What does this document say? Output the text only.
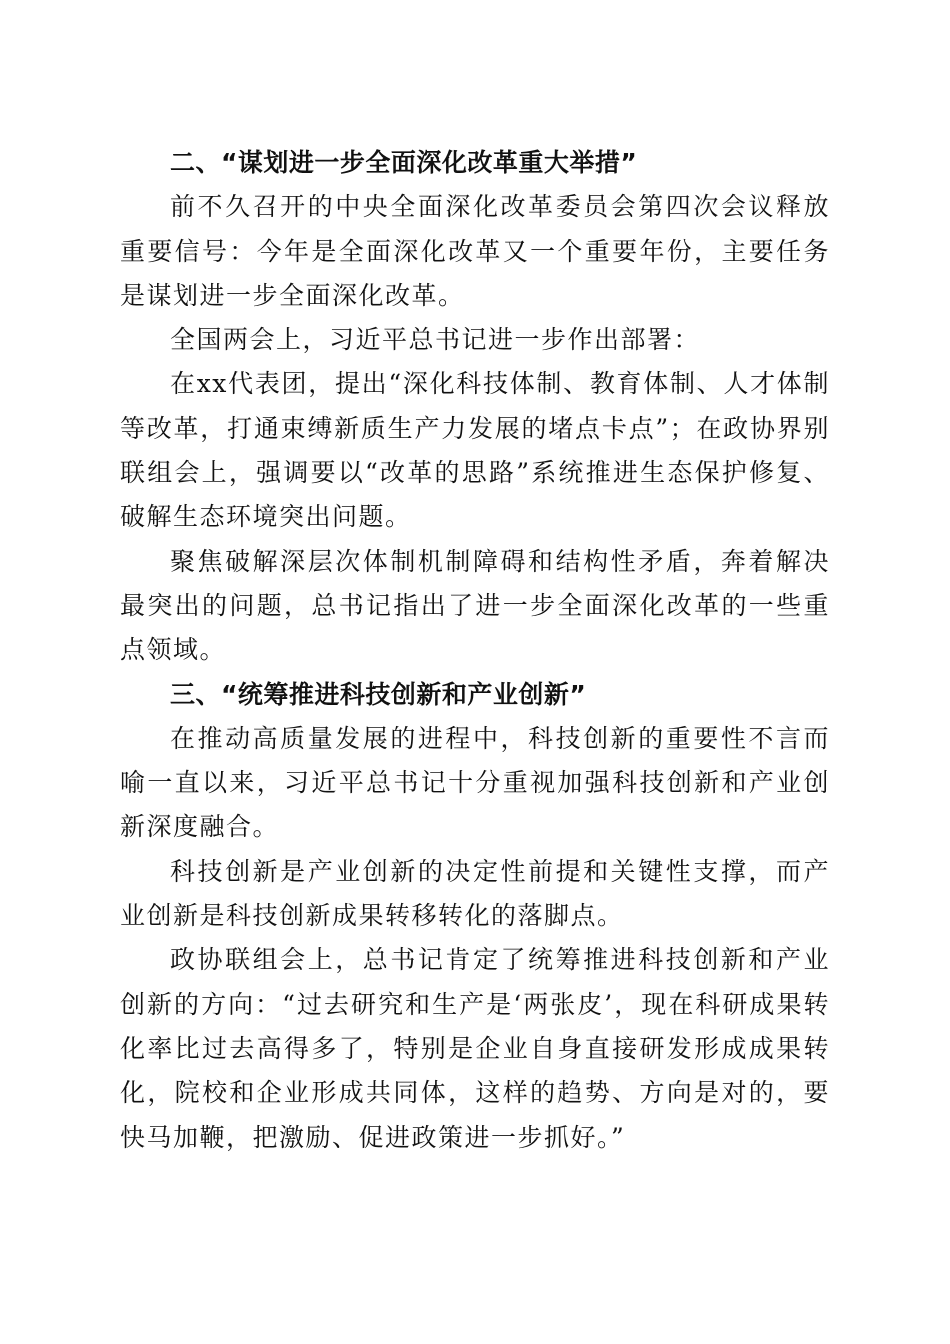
二、“谋划进一步全面深化改革重大举措”

前不久召开的中央全面深化改革委员会第四次会议释放重要信号：今年是全面深化改革又一个重要年份，主要任务是谋划进一步全面深化改革。

全国两会上，习近平总书记进一步作出部署：

在xx代表团，提出“深化科技体制、教育体制、人才体制等改革，打通束缚新质生产力发展的堵点卡点”；在政协界别联组会上，强调要以“改革的思路”系统推进生态保护修复、破解生态环境突出问题。

聚焦破解深层次体制机制障碍和结构性矛盾，奔着解决最突出的问题，总书记指出了进一步全面深化改革的一些重点领域。

三、“统筹推进科技创新和产业创新”

在推动高质量发展的进程中，科技创新的重要性不言而喻一直以来，习近平总书记十分重视加强科技创新和产业创新深度融合。

科技创新是产业创新的决定性前提和关键性支撑，而产业创新是科技创新成果转移转化的落脚点。

政协联组会上，总书记肯定了统筹推进科技创新和产业创新的方向：“过去研究和生产是‘两张皮’，现在科研成果转化率比过去高得多了，特别是企业自身直接研发形成成果转化，院校和企业形成共同体，这样的趋势、方向是对的，要快马加鞭，把激励、促进政策进一步抓好。”
